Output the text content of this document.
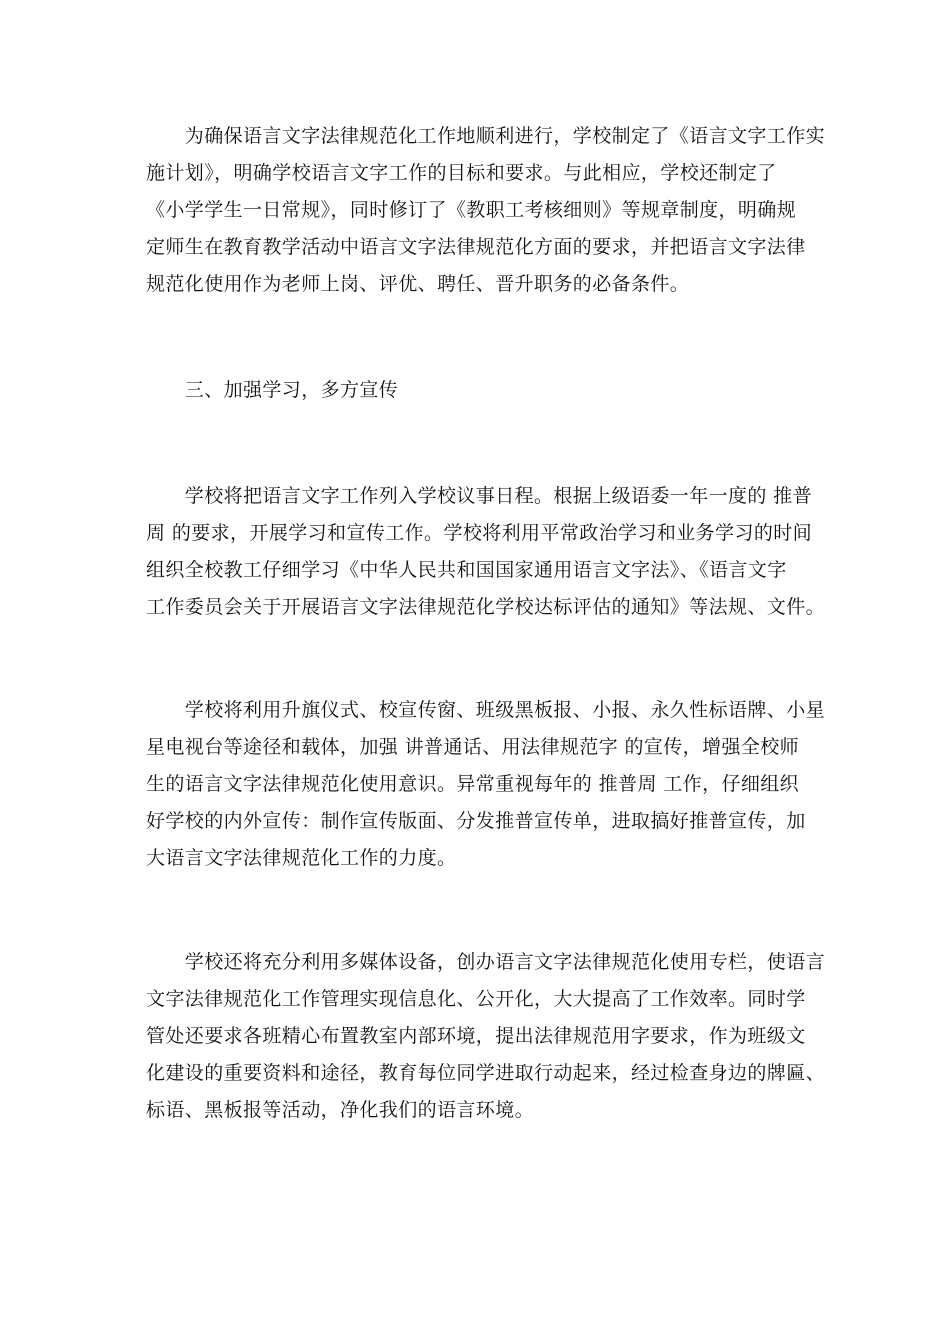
　　为确保语言文字法律规范化工作地顺利进行，学校制定了《语言文字工作实
施计划》，明确学校语言文字工作的目标和要求。与此相应，学校还制定了
《小学学生一日常规》，同时修订了《教职工考核细则》等规章制度，明确规
定师生在教育教学活动中语言文字法律规范化方面的要求，并把语言文字法律
规范化使用作为老师上岗、评优、聘任、晋升职务的必备条件。
　　三、加强学习，多方宣传
　　学校将把语言文字工作列入学校议事日程。根据上级语委一年一度的 推普
周 的要求，开展学习和宣传工作。学校将利用平常政治学习和业务学习的时间
组织全校教工仔细学习《中华人民共和国国家通用语言文字法》、《语言文字
工作委员会关于开展语言文字法律规范化学校达标评估的通知》等法规、文件。
　　学校将利用升旗仪式、校宣传窗、班级黑板报、小报、永久性标语牌、小星
星电视台等途径和载体，加强 讲普通话、用法律规范字 的宣传，增强全校师
生的语言文字法律规范化使用意识。异常重视每年的 推普周 工作，仔细组织
好学校的内外宣传：制作宣传版面、分发推普宣传单，进取搞好推普宣传，加
大语言文字法律规范化工作的力度。
　　学校还将充分利用多媒体设备，创办语言文字法律规范化使用专栏，使语言
文字法律规范化工作管理实现信息化、公开化，大大提高了工作效率。同时学
管处还要求各班精心布置教室内部环境，提出法律规范用字要求，作为班级文
化建设的重要资料和途径，教育每位同学进取行动起来，经过检查身边的牌匾、
标语、黑板报等活动，净化我们的语言环境。
